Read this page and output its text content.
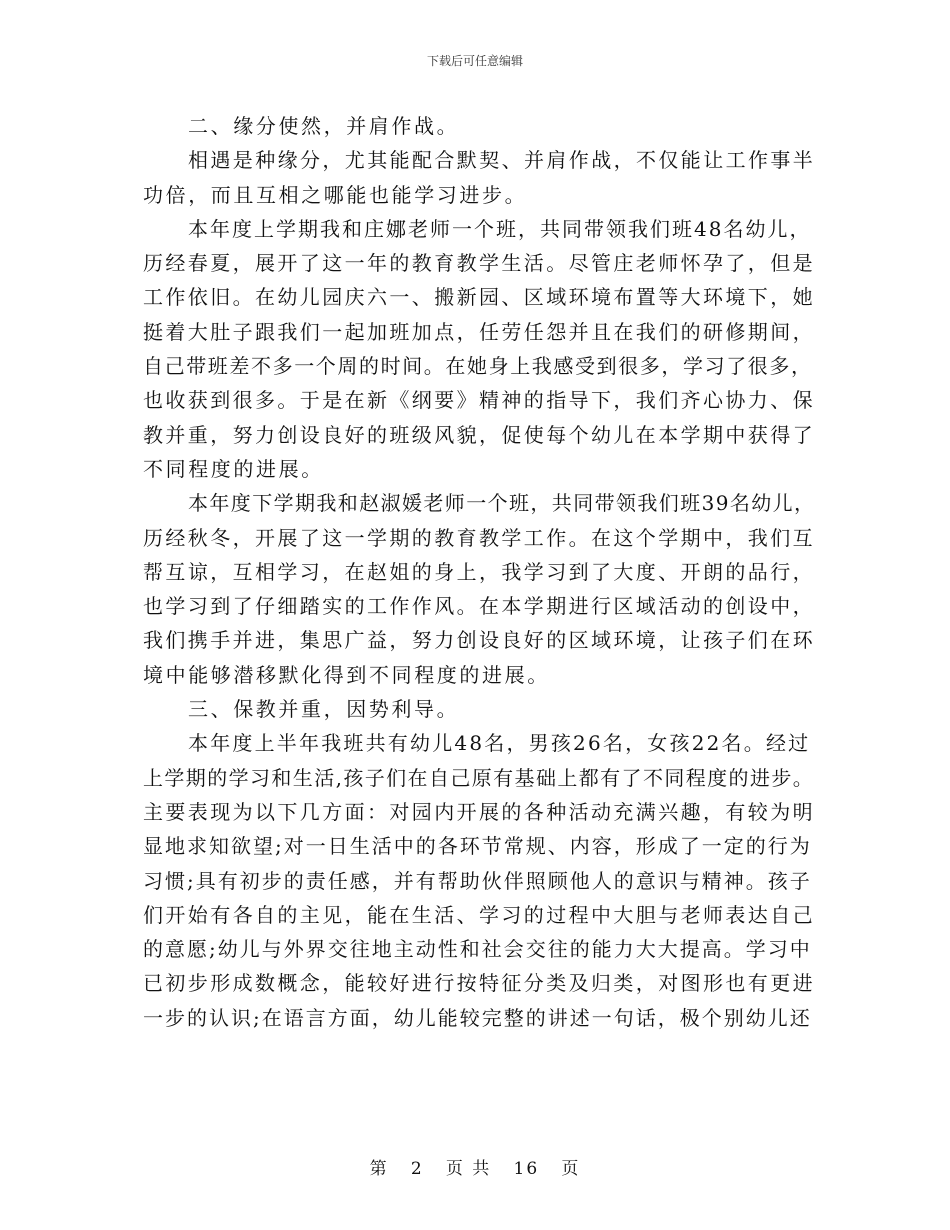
下载后可任意编辑
二、缘分使然，并肩作战。
相遇是种缘分，尤其能配合默契、并肩作战，不仅能让工作事半
功倍，而且互相之哪能也能学习进步。
本年度上学期我和庄娜老师一个班，共同带领我们班48名幼儿，
历经春夏，展开了这一年的教育教学生活。尽管庄老师怀孕了，但是
工作依旧。在幼儿园庆六一、搬新园、区域环境布置等大环境下，她
挺着大肚子跟我们一起加班加点，任劳任怨并且在我们的研修期间，
自己带班差不多一个周的时间。在她身上我感受到很多，学习了很多，
也收获到很多。于是在新《纲要》精神的指导下，我们齐心协力、保
教并重，努力创设良好的班级风貌，促使每个幼儿在本学期中获得了
不同程度的进展。
本年度下学期我和赵淑媛老师一个班，共同带领我们班39名幼儿，
历经秋冬，开展了这一学期的教育教学工作。在这个学期中，我们互
帮互谅，互相学习，在赵姐的身上，我学习到了大度、开朗的品行，
也学习到了仔细踏实的工作作风。在本学期进行区域活动的创设中，
我们携手并进，集思广益，努力创设良好的区域环境，让孩子们在环
境中能够潜移默化得到不同程度的进展。
三、保教并重，因势利导。
本年度上半年我班共有幼儿48名，男孩26名，女孩22名。经过
上学期的学习和生活,孩子们在自己原有基础上都有了不同程度的进步。
主要表现为以下几方面：对园内开展的各种活动充满兴趣，有较为明
显地求知欲望;对一日生活中的各环节常规、内容，形成了一定的行为
习惯;具有初步的责任感，并有帮助伙伴照顾他人的意识与精神。孩子
们开始有各自的主见，能在生活、学习的过程中大胆与老师表达自己
的意愿;幼儿与外界交往地主动性和社会交往的能力大大提高。学习中
已初步形成数概念，能较好进行按特征分类及归类，对图形也有更进
一步的认识;在语言方面，幼儿能较完整的讲述一句话，极个别幼儿还
第 2 页 共 16 页
